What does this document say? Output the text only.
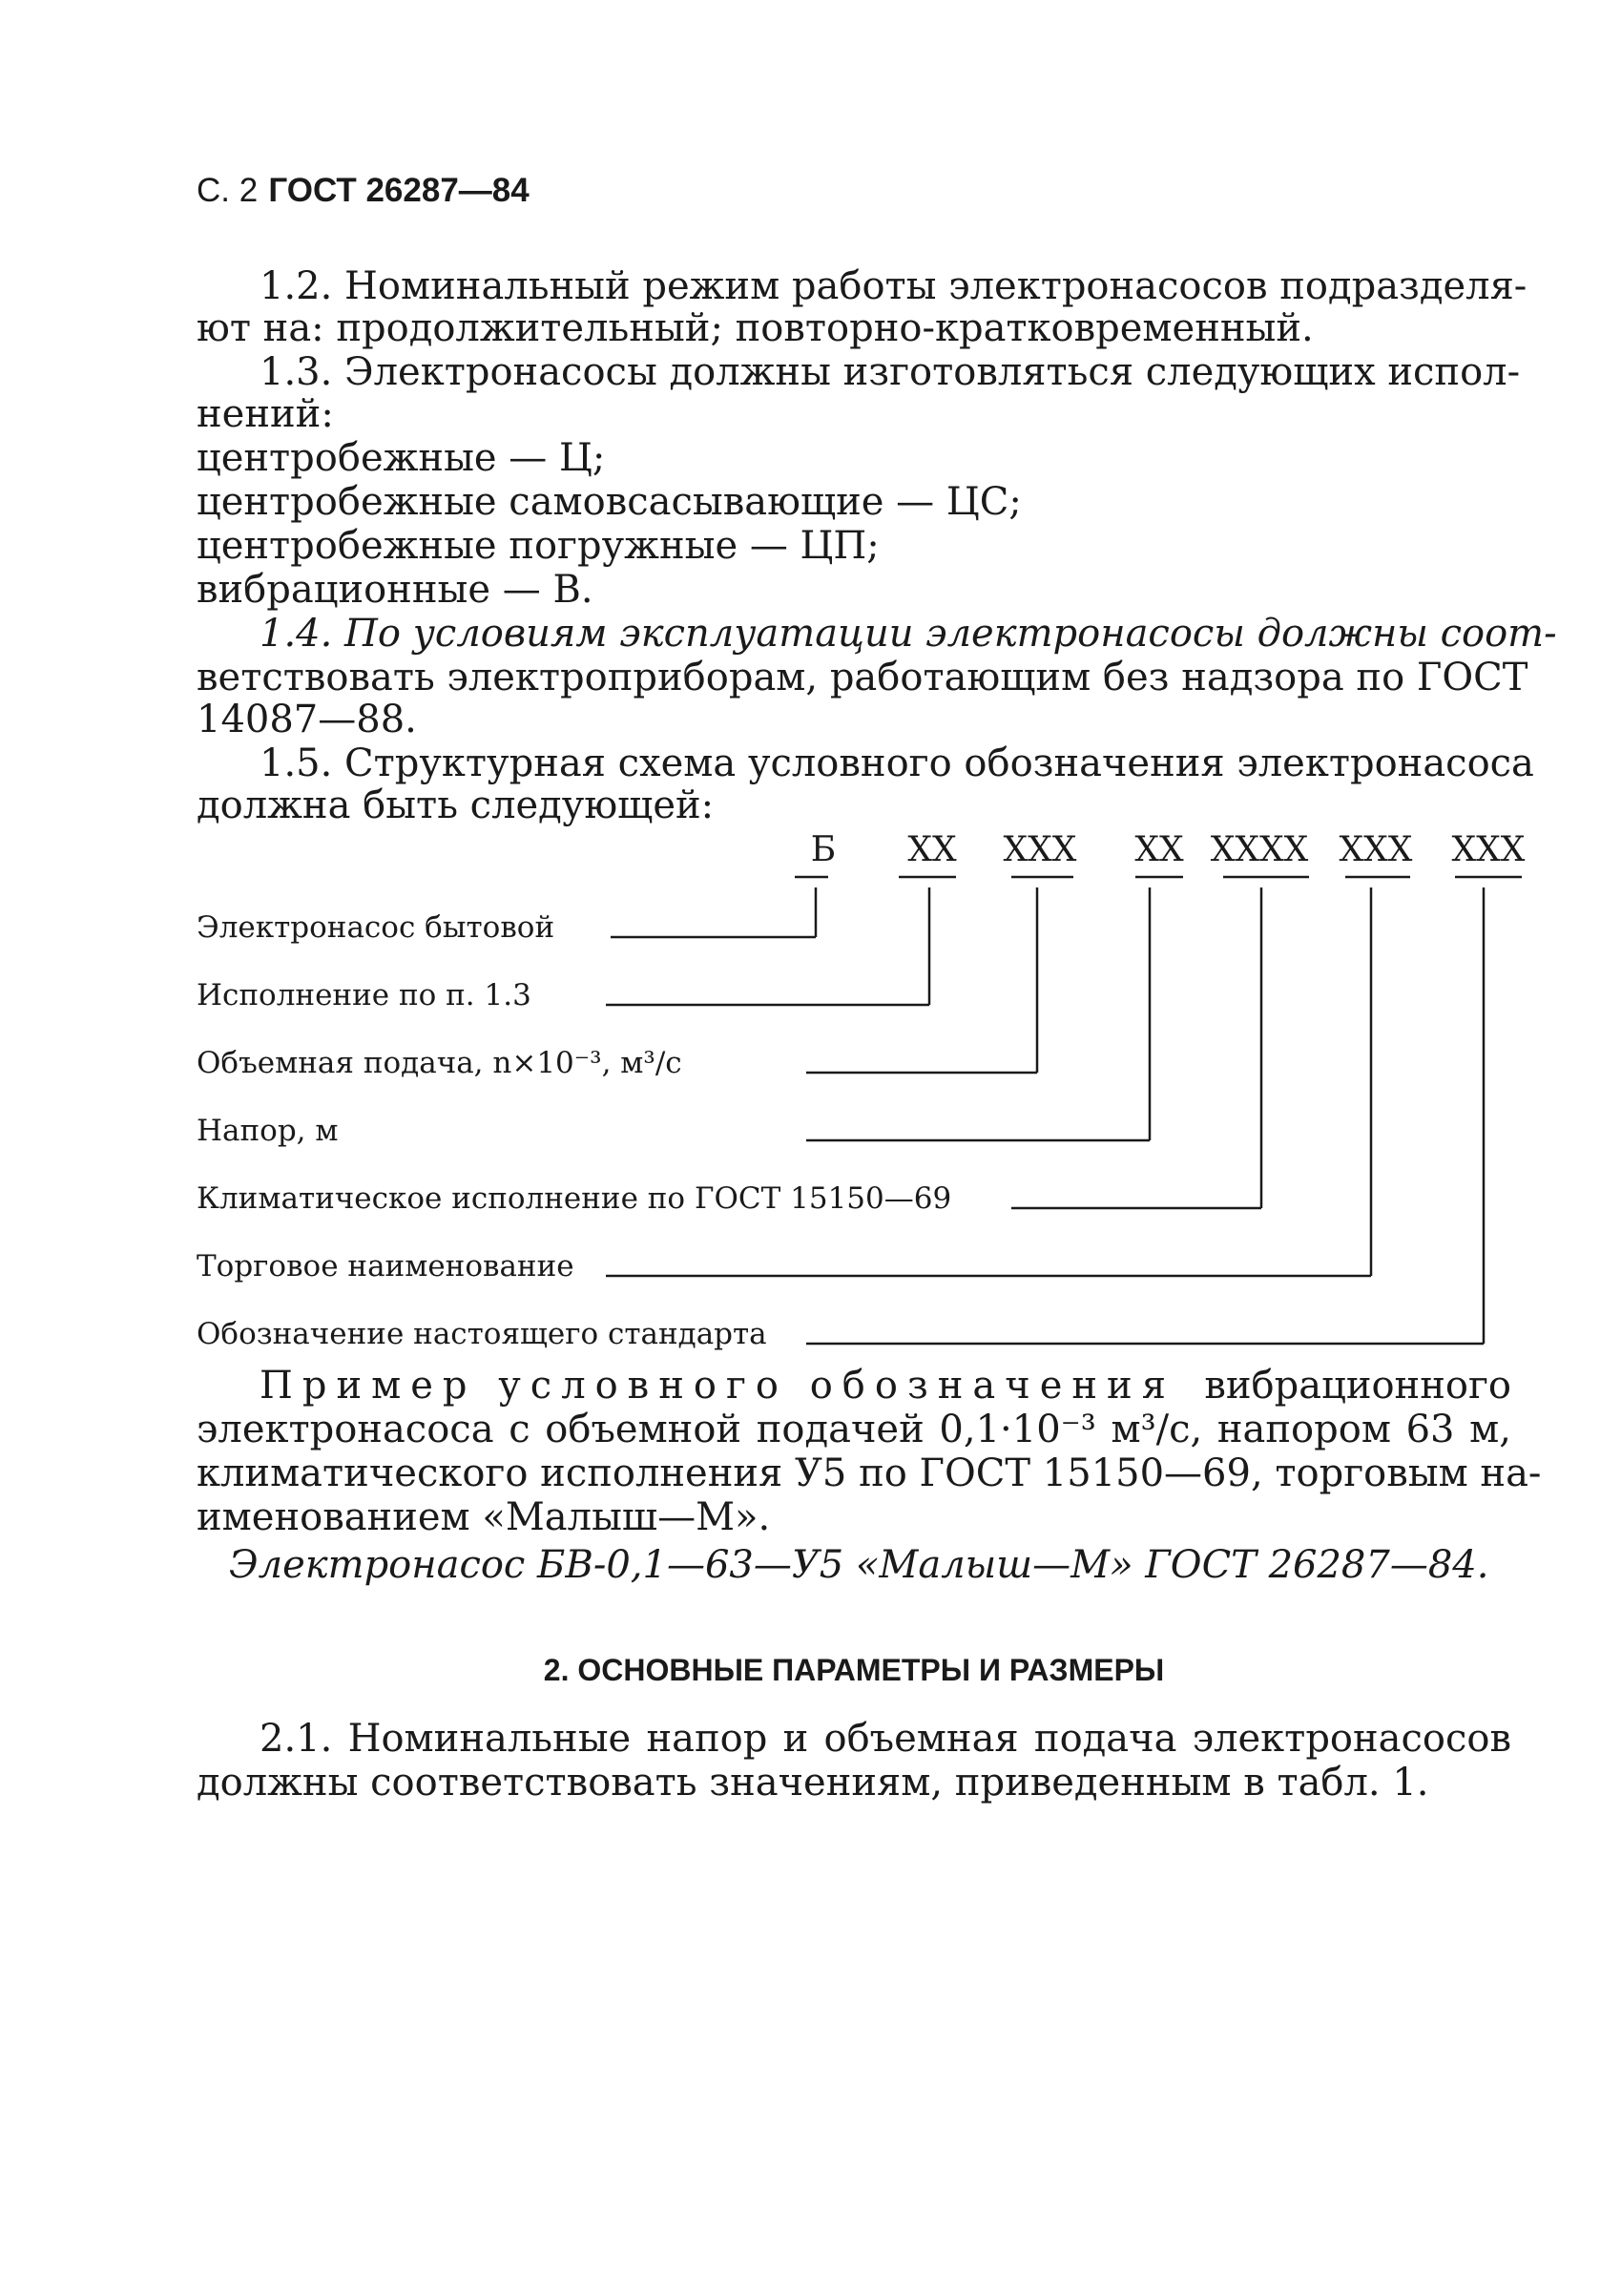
С. 2 ГОСТ 26287—84
1.2. Номинальный режим работы электронасосов подразделя-
ют на: продолжительный; повторно-кратковременный.
1.3. Электронасосы должны изготовляться следующих испол-
нений:
центробежные — Ц;
центробежные самовсасывающие — ЦС;
центробежные погружные — ЦП;
вибрационные — В.
1.4. По условиям эксплуатации электронасосы должны соот-
ветствовать электроприборам, работающим без надзора по ГОСТ
14087—88.
1.5. Структурная схема условного обозначения электронасоса
должна быть следующей:
Б XX XXX XX XXXX XXX XXX
Электронасос бытовой
Исполнение по п. 1.3
Объемная подача, n×10⁻³, м³/с
Напор, м
Климатическое исполнение по ГОСТ 15150—69
Торговое наименование
Обозначение настоящего стандарта
Пример условного обозначения вибрационного
электронасоса с объемной подачей 0,1·10⁻³ м³/с, напором 63 м,
климатического исполнения У5 по ГОСТ 15150—69, торговым на-
именованием «Малыш—М».
Электронасос БВ-0,1—63—У5 «Малыш—М» ГОСТ 26287—84.
2. ОСНОВНЫЕ ПАРАМЕТРЫ И РАЗМЕРЫ
2.1. Номинальные напор и объемная подача электронасосов
должны соответствовать значениям, приведенным в табл. 1.
